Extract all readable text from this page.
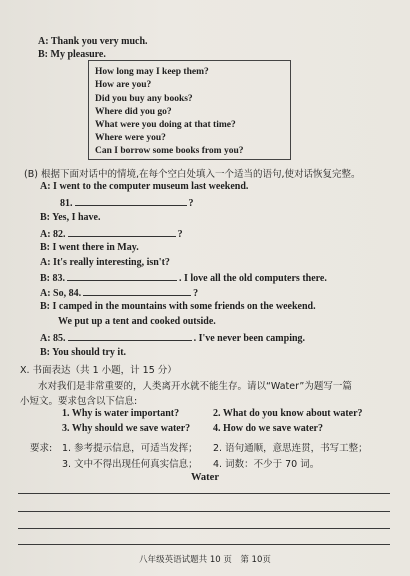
A: Thank you very much.
B: My pleasure.
How long may I keep them?
How are you?
Did you buy any books?
Where did you go?
What were you doing at that time?
Where were you?
Can I borrow some books from you?
(B) 根据下面对话中的情境,在每个空白处填入一个适当的语句,使对话恢复完整。
A: I went to the computer museum last weekend.
81.	?
B: Yes, I have.
A: 82.	?
B: I went there in May.
A: It's really interesting, isn't?
B: 83.	. I love all the old computers there.
A: So, 84.	?
B: I camped in the mountains with some friends on the weekend.
We put up a tent and cooked outside.
A: 85.	. I've never been camping.
B: You should try it.
X. 书面表达（共 1 小题，计 15 分）
水对我们是非常重要的，人类离开水就不能生存。请以“Water”为题写一篇
小短文。要求包含以下信息:
1. Why is water important?	2. What do you know about water?
3. Why should we save water? 4. How do we save water?
要求: 1. 参考提示信息，可适当发挥； 2. 语句通顺，意思连贯，书写工整；
3. 文中不得出现任何真实信息； 4. 词数：不少于 70 词。
Water
八年级英语试题共 10 页　第 10页
